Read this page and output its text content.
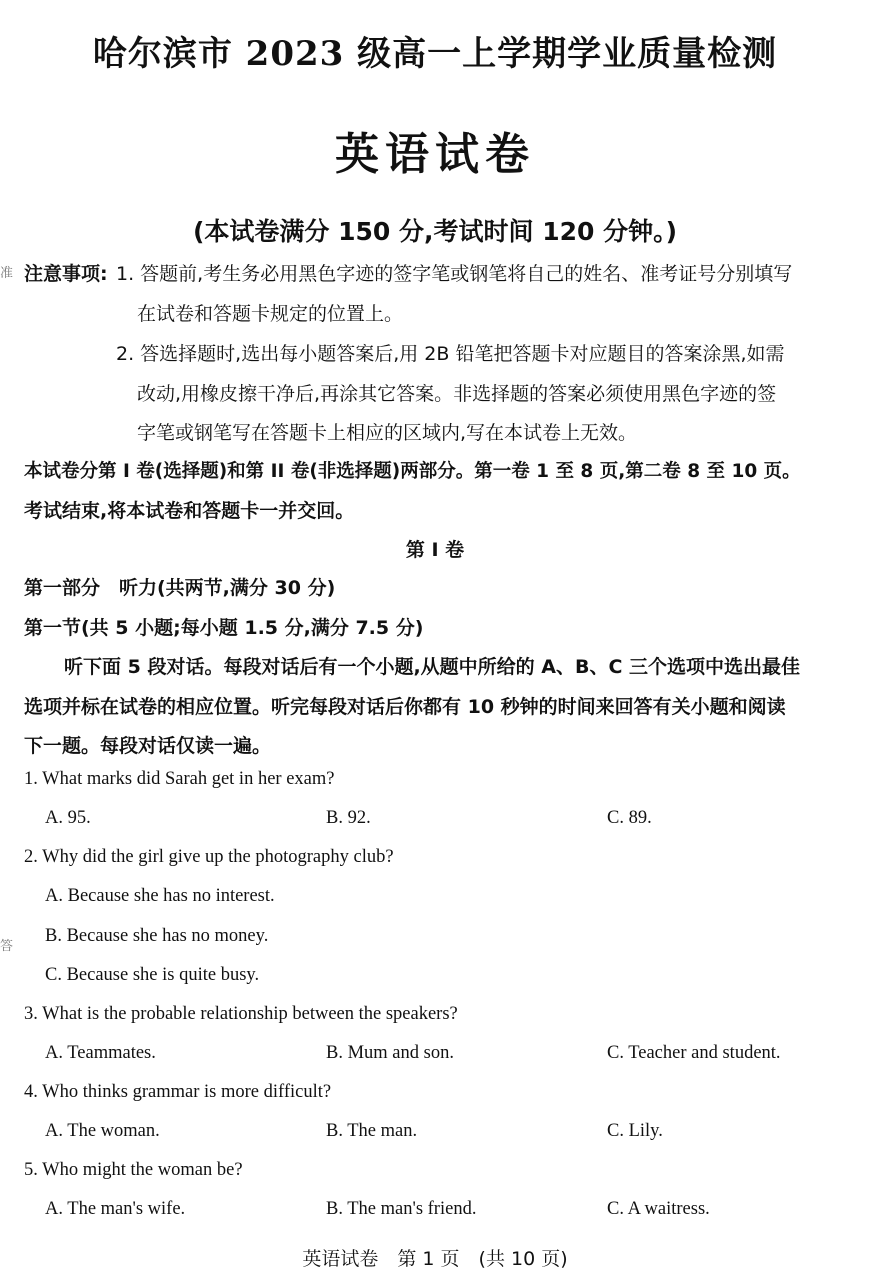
哈尔滨市 2023 级高一上学期学业质量检测
英语试卷
(本试卷满分 150 分,考试时间 120 分钟。)
准
答
注意事项: 1. 答题前,考生务必用黑色字迹的签字笔或钢笔将自己的姓名、准考证号分别填写
在试卷和答题卡规定的位置上。
2. 答选择题时,选出每小题答案后,用 2B 铅笔把答题卡对应题目的答案涂黑,如需
改动,用橡皮擦干净后,再涂其它答案。非选择题的答案必须使用黑色字迹的签
字笔或钢笔写在答题卡上相应的区域内,写在本试卷上无效。
本试卷分第 I 卷(选择题)和第 II 卷(非选择题)两部分。第一卷 1 至 8 页,第二卷 8 至 10 页。
考试结束,将本试卷和答题卡一并交回。
第 I 卷
第一部分　听力(共两节,满分 30 分)
第一节(共 5 小题;每小题 1.5 分,满分 7.5 分)
听下面 5 段对话。每段对话后有一个小题,从题中所给的 A、B、C 三个选项中选出最佳
选项并标在试卷的相应位置。听完每段对话后你都有 10 秒钟的时间来回答有关小题和阅读
下一题。每段对话仅读一遍。
1. What marks did Sarah get in her exam?
A. 95.	B. 92.	C. 89.
2. Why did the girl give up the photography club?
A. Because she has no interest.
B. Because she has no money.
C. Because she is quite busy.
3. What is the probable relationship between the speakers?
A. Teammates.	B. Mum and son.	C. Teacher and student.
4. Who thinks grammar is more difficult?
A. The woman.	B. The man.	C. Lily.
5. Who might the woman be?
A. The man's wife.	B. The man's friend.	C. A waitress.
英语试卷　第 1 页　(共 10 页)
